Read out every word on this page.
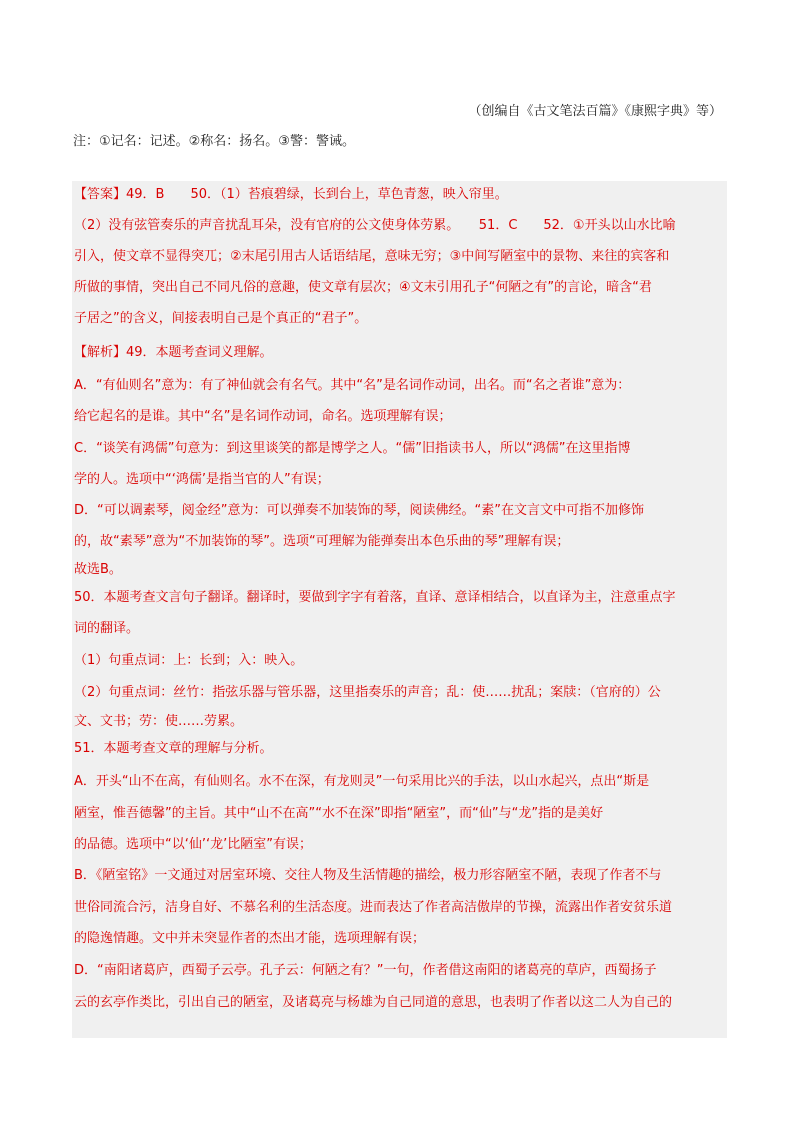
（创编自《古文笔法百篇》《康熙字典》等）
注：①记名：记述。②称名：扬名。③警：警诫。
【答案】49．B　　50．（1）苔痕碧绿，长到台上，草色青葱，映入帘里。
（2）没有弦管奏乐的声音扰乱耳朵，没有官府的公文使身体劳累。　　51．C　　52．①开头以山水比喻
引入，使文章不显得突兀；②末尾引用古人话语结尾，意味无穷；③中间写陋室中的景物、来往的宾客和
所做的事情，突出自己不同凡俗的意趣，使文章有层次；④文末引用孔子“何陋之有”的言论，暗含“君
子居之”的含义，间接表明自己是个真正的“君子”。
【解析】49．本题考查词义理解。
A．“有仙则名”意为：有了神仙就会有名气。其中“名”是名词作动词，出名。而“名之者谁”意为：
给它起名的是谁。其中“名”是名词作动词，命名。选项理解有误；
C．“谈笑有鸿儒”句意为：到这里谈笑的都是博学之人。“儒”旧指读书人，所以“鸿儒”在这里指博
学的人。选项中“‘鸿儒’是指当官的人”有误；
D．“可以调素琴，阅金经”意为：可以弹奏不加装饰的琴，阅读佛经。“素”在文言文中可指不加修饰
的，故“素琴”意为“不加装饰的琴”。选项“可理解为能弹奏出本色乐曲的琴”理解有误；
故选B。
50．本题考查文言句子翻译。翻译时，要做到字字有着落，直译、意译相结合，以直译为主，注意重点字
词的翻译。
（1）句重点词：上：长到；入：映入。
（2）句重点词：丝竹：指弦乐器与管乐器，这里指奏乐的声音；乱：使……扰乱；案牍：（官府的）公
文、文书；劳：使……劳累。
51．本题考查文章的理解与分析。
A．开头“山不在高，有仙则名。水不在深，有龙则灵”一句采用比兴的手法，以山水起兴，点出“斯是
陋室，惟吾德馨”的主旨。其中“山不在高”“水不在深”即指“陋室”，而“仙”与“龙”指的是美好
的品德。选项中“以‘仙’‘龙’比陋室”有误；
B．《陋室铭》一文通过对居室环境、交往人物及生活情趣的描绘，极力形容陋室不陋，表现了作者不与
世俗同流合污，洁身自好、不慕名利的生活态度。进而表达了作者高洁傲岸的节操，流露出作者安贫乐道
的隐逸情趣。文中并未突显作者的杰出才能，选项理解有误；
D．“南阳诸葛庐，西蜀子云亭。孔子云：何陋之有？”一句，作者借这南阳的诸葛亮的草庐，西蜀扬子
云的玄亭作类比，引出自己的陋室，及诸葛亮与杨雄为自己同道的意思，也表明了作者以这二人为自己的
